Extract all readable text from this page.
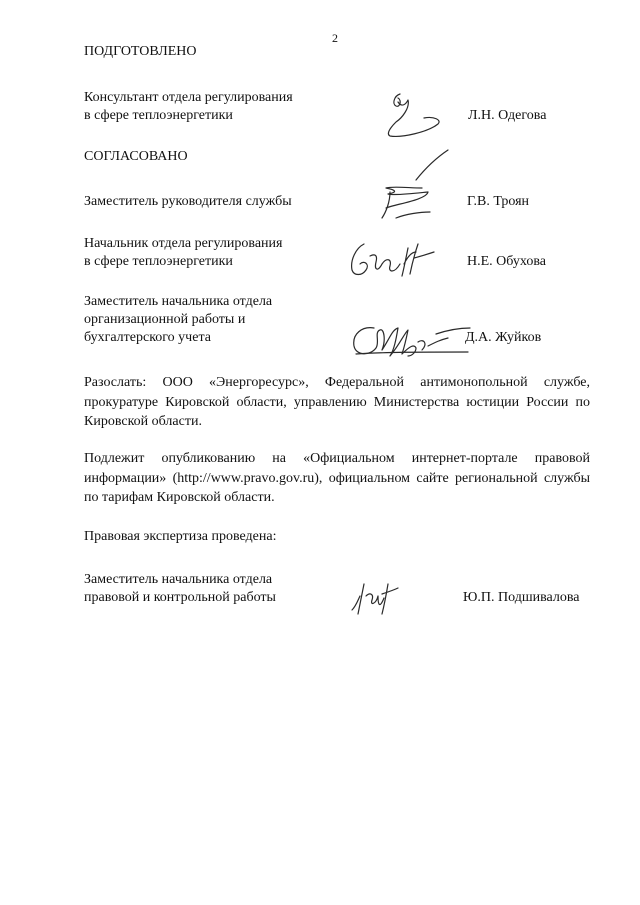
2
ПОДГОТОВЛЕНО
Консультант отдела регулирования
в сфере теплоэнергетики	Л.Н. Одегова
СОГЛАСОВАНО
Заместитель руководителя службы	Г.В. Троян
Начальник отдела регулирования
в сфере теплоэнергетики	Н.Е. Обухова
Заместитель начальника отдела
организационной работы и
бухгалтерского учета	Д.А. Жуйков
Разослать: ООО «Энергоресурс», Федеральной антимонопольной службе, прокуратуре Кировской области, управлению Министерства юстиции России по Кировской области.
Подлежит опубликованию на «Официальном интернет-портале правовой информации» (http://www.pravo.gov.ru), официальном сайте региональной службы по тарифам Кировской области.
Правовая экспертиза проведена:
Заместитель начальника отдела
правовой и контрольной работы	Ю.П. Подшивалова
